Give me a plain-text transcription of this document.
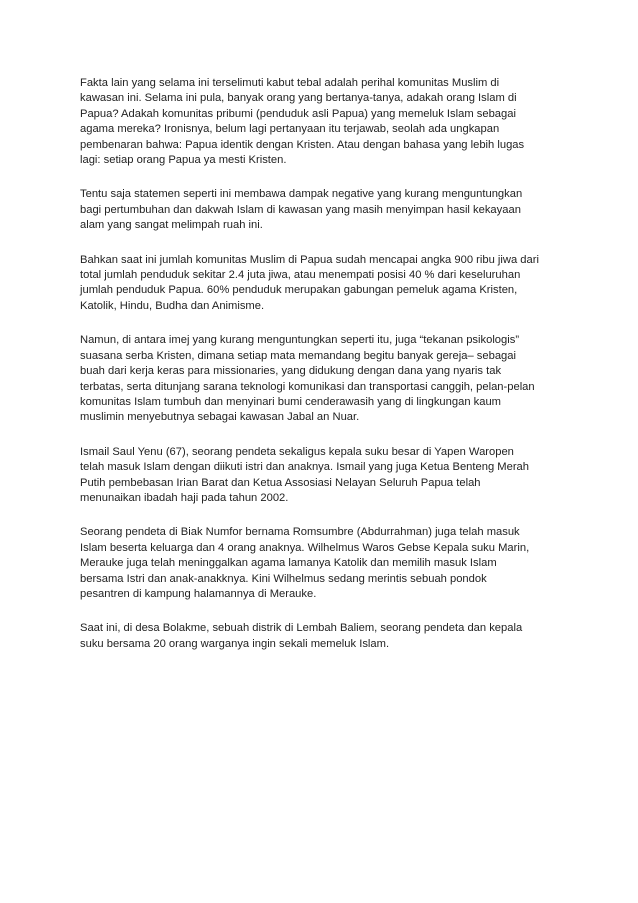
Fakta lain yang selama ini terselimuti kabut tebal adalah perihal komunitas Muslim di
kawasan ini. Selama ini pula, banyak orang yang bertanya-tanya, adakah orang Islam di
Papua? Adakah komunitas pribumi (penduduk asli Papua) yang memeluk Islam sebagai
agama mereka? Ironisnya, belum lagi pertanyaan itu terjawab, seolah ada ungkapan
pembenaran bahwa: Papua identik dengan Kristen. Atau dengan bahasa yang lebih lugas
lagi: setiap orang Papua ya mesti Kristen.

Tentu saja statemen seperti ini membawa dampak negative yang kurang menguntungkan
bagi pertumbuhan dan dakwah Islam di kawasan yang masih menyimpan hasil kekayaan
alam yang sangat melimpah ruah ini.

Bahkan saat ini jumlah komunitas Muslim di Papua sudah mencapai angka 900 ribu jiwa dari
total jumlah penduduk sekitar 2.4 juta jiwa, atau menempati posisi 40 % dari keseluruhan
jumlah penduduk Papua. 60% penduduk merupakan gabungan pemeluk agama Kristen,
Katolik, Hindu, Budha dan Animisme.

Namun, di antara imej yang kurang menguntungkan seperti itu, juga “tekanan psikologis”
suasana serba Kristen, dimana setiap mata memandang begitu banyak gereja– sebagai
buah dari kerja keras para missionaries, yang didukung dengan dana yang nyaris tak
terbatas, serta ditunjang sarana teknologi komunikasi dan transportasi canggih, pelan-pelan
komunitas Islam tumbuh dan menyinari bumi cenderawasih yang di lingkungan kaum
muslimin menyebutnya sebagai kawasan Jabal an Nuar.

Ismail Saul Yenu (67), seorang pendeta sekaligus kepala suku besar di Yapen Waropen
telah masuk Islam dengan diikuti istri dan anaknya. Ismail yang juga Ketua Benteng Merah
Putih pembebasan Irian Barat dan Ketua Assosiasi Nelayan Seluruh Papua telah
menunaikan ibadah haji pada tahun 2002.

Seorang pendeta di Biak Numfor bernama Romsumbre (Abdurrahman) juga telah masuk
Islam beserta keluarga dan 4 orang anaknya. Wilhelmus Waros Gebse Kepala suku Marin,
Merauke juga telah meninggalkan agama lamanya Katolik dan memilih masuk Islam
bersama Istri dan anak-anakknya. Kini Wilhelmus sedang merintis sebuah pondok
pesantren di kampung halamannya di Merauke.

Saat ini, di desa Bolakme, sebuah distrik di Lembah Baliem, seorang pendeta dan kepala
suku bersama 20 orang warganya ingin sekali memeluk Islam.
